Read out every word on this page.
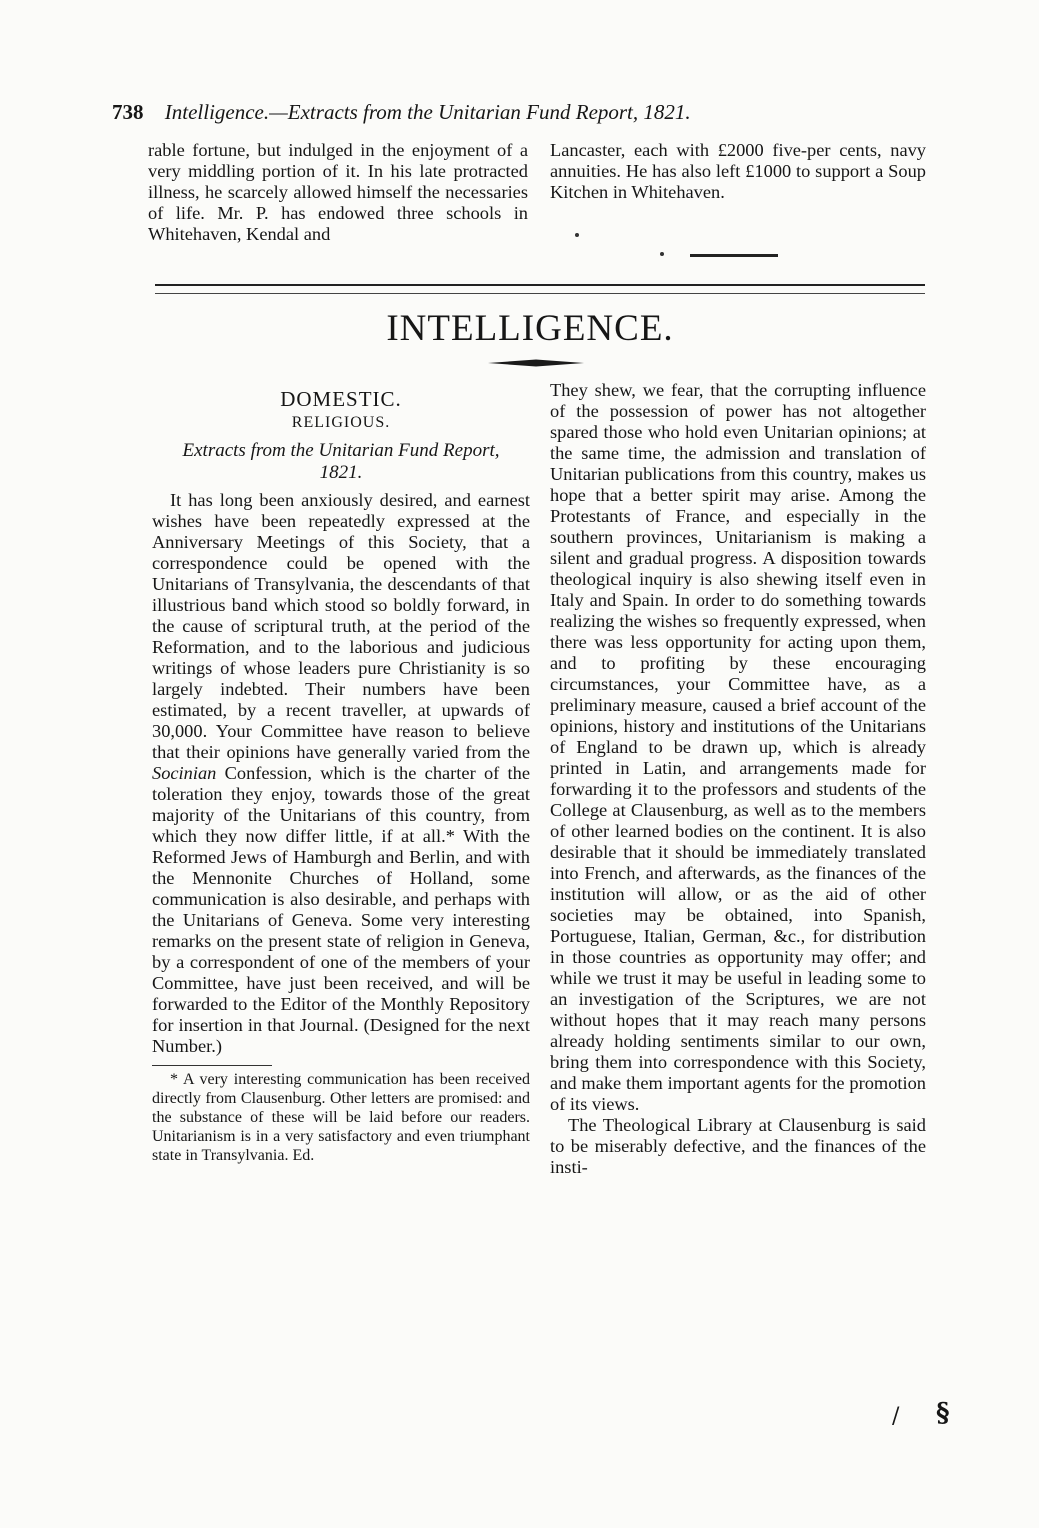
738 Intelligence.—Extracts from the Unitarian Fund Report, 1821.

rable fortune, but indulged in the enjoyment of a very middling portion of it. In his late protracted illness, he scarcely allowed himself the necessaries of life. Mr. P. has endowed three schools in Whitehaven, Kendal and

Lancaster, each with £2000 five-per cents, navy annuities. He has also left £1000 to support a Soup Kitchen in Whitehaven.

INTELLIGENCE.
DOMESTIC.
RELIGIOUS.
Extracts from the Unitarian Fund Report, 1821.

It has long been anxiously desired, and earnest wishes have been repeatedly expressed at the Anniversary Meetings of this Society, that a correspondence could be opened with the Unitarians of Transylvania, the descendants of that illustrious band which stood so boldly forward, in the cause of scriptural truth, at the period of the Reformation, and to the laborious and judicious writings of whose leaders pure Christianity is so largely indebted. Their numbers have been estimated, by a recent traveller, at upwards of 30,000. Your Committee have reason to believe that their opinions have generally varied from the Socinian Confession, which is the charter of the toleration they enjoy, towards those of the great majority of the Unitarians of this country, from which they now differ little, if at all.* With the Reformed Jews of Hamburgh and Berlin, and with the Mennonite Churches of Holland, some communication is also desirable, and perhaps with the Unitarians of Geneva. Some very interesting remarks on the present state of religion in Geneva, by a correspondent of one of the members of your Committee, have just been received, and will be forwarded to the Editor of the Monthly Repository for insertion in that Journal. (Designed for the next Number.)

* A very interesting communication has been received directly from Clausenburg. Other letters are promised: and the substance of these will be laid before our readers. Unitarianism is in a very satisfactory and even triumphant state in Transylvania. Ed.

They shew, we fear, that the corrupting influence of the possession of power has not altogether spared those who hold even Unitarian opinions; at the same time, the admission and translation of Unitarian publications from this country, makes us hope that a better spirit may arise. Among the Protestants of France, and especially in the southern provinces, Unitarianism is making a silent and gradual progress. A disposition towards theological inquiry is also shewing itself even in Italy and Spain. In order to do something towards realizing the wishes so frequently expressed, when there was less opportunity for acting upon them, and to profiting by these encouraging circumstances, your Committee have, as a preliminary measure, caused a brief account of the opinions, history and institutions of the Unitarians of England to be drawn up, which is already printed in Latin, and arrangements made for forwarding it to the professors and students of the College at Clausenburg, as well as to the members of other learned bodies on the continent. It is also desirable that it should be immediately translated into French, and afterwards, as the finances of the institution will allow, or as the aid of other societies may be obtained, into Spanish, Portuguese, Italian, German, &c., for distribution in those countries as opportunity may offer; and while we trust it may be useful in leading some to an investigation of the Scriptures, we are not without hopes that it may reach many persons already holding sentiments similar to our own, bring them into correspondence with this Society, and make them important agents for the promotion of its views.

The Theological Library at Clausenburg is said to be miserably defective, and the finances of the insti-

/ §
